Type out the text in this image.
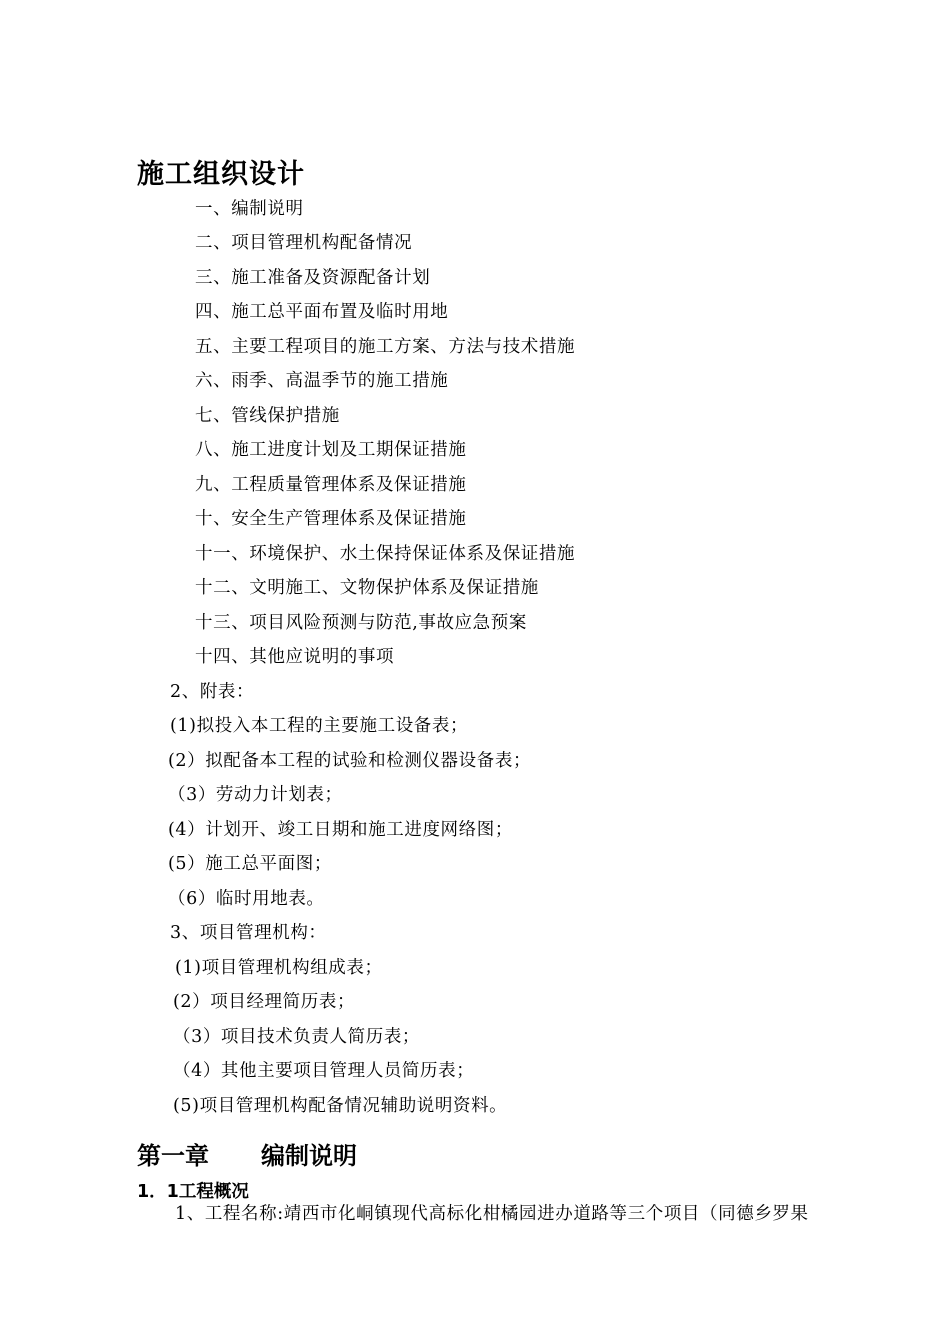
施工组织设计
一、编制说明
二、项目管理机构配备情况
三、施工准备及资源配备计划
四、施工总平面布置及临时用地
五、主要工程项目的施工方案、方法与技术措施
六、雨季、高温季节的施工措施
七、管线保护措施
八、施工进度计划及工期保证措施
九、工程质量管理体系及保证措施
十、安全生产管理体系及保证措施
十一、环境保护、水土保持保证体系及保证措施
十二、文明施工、文物保护体系及保证措施
十三、项目风险预测与防范,事故应急预案
十四、其他应说明的事项
2、附表：
(1)拟投入本工程的主要施工设备表；
(2）拟配备本工程的试验和检测仪器设备表；
（3）劳动力计划表；
(4）计划开、竣工日期和施工进度网络图；
(5）施工总平面图；
（6）临时用地表。
3、项目管理机构：
(1)项目管理机构组成表；
(2）项目经理简历表；
（3）项目技术负责人简历表；
（4）其他主要项目管理人员简历表；
(5)项目管理机构配备情况辅助说明资料。
第一章 编制说明
1．1工程概况
1、工程名称:靖西市化峒镇现代高标化柑橘园进办道路等三个项目（同德乡罗果
